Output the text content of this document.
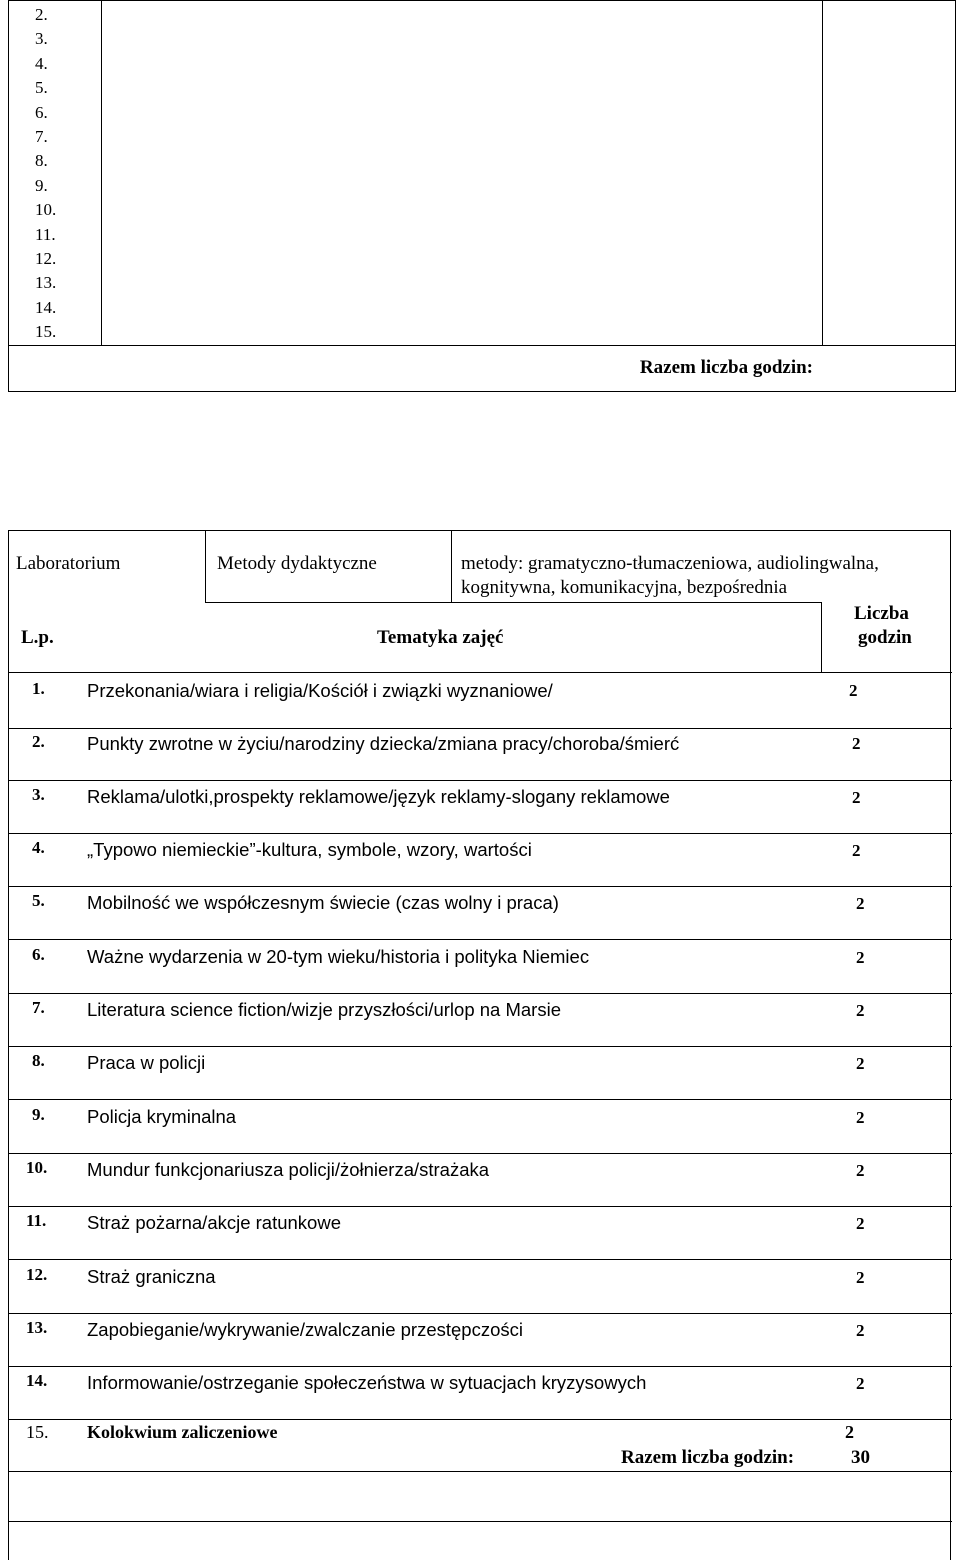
2.
3.
4.
5.
6.
7.
8.
9.
10.
11.
12.
13.
14.
15.

Razem liczba godzin:
Laboratorium	Metody dydaktyczne	metody: gramatyczno-tłumaczeniowa, audiolingwalna,
kognitywna, komunikacyjna, bezpośrednia
L.p.	Tematyka zajęć
Liczba
godzin
1. Przekonania/wiara i religia/Kościół i związki wyznaniowe/	2
2. Punkty zwrotne w życiu/narodziny dziecka/zmiana pracy/choroba/śmierć	2
3. Reklama/ulotki,prospekty reklamowe/język reklamy-slogany reklamowe	2
4. „Typowo niemieckie”-kultura, symbole, wzory, wartości	2
5. Mobilność we współczesnym świecie (czas wolny i praca)	2
6. Ważne wydarzenia w 20-tym wieku/historia i polityka Niemiec	2
7. Literatura science fiction/wizje przyszłości/urlop na Marsie	2
8. Praca w policji	2
9. Policja kryminalna	2
10. Mundur funkcjonariusza policji/żołnierza/strażaka	2
11. Straż pożarna/akcje ratunkowe	2
12. Straż graniczna	2
13. Zapobieganie/wykrywanie/zwalczanie przestępczości	2
14. Informowanie/ostrzeganie społeczeństwa w sytuacjach kryzysowych	2
15. Kolokwium zaliczeniowe	2
Razem liczba godzin:	30
